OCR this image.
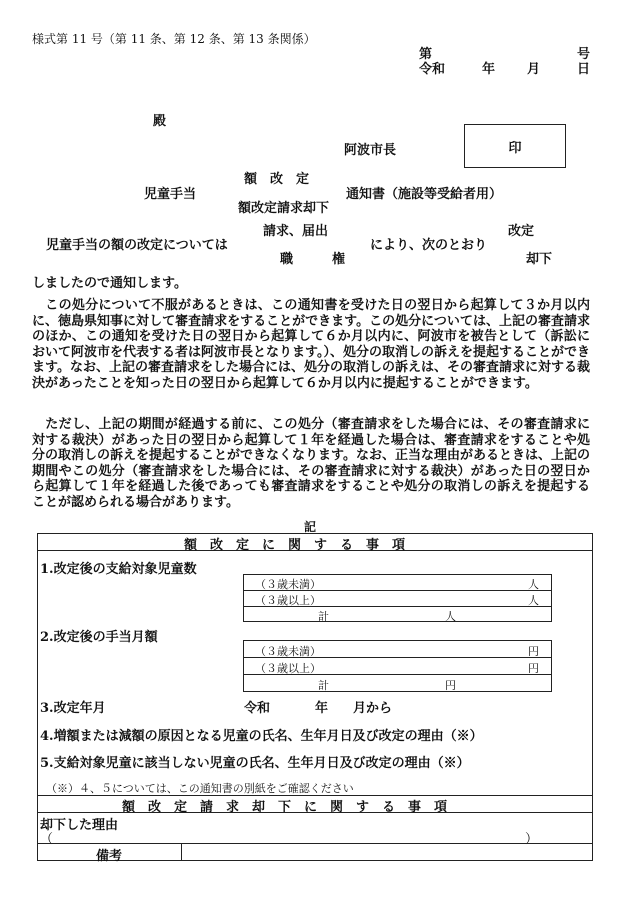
様式第 11 号（第 11 条、第 12 条、第 13 条関係）
第	号
令和	年 月	日
殿
阿波市長	印
額　改　定
児童手当	通知書（施設等受給者用）
額改定請求却下
請求、届出	改定
児童手当の額の改定については	により、次のとおり
職　　　権	却下
しましたので通知します。

この処分について不服があるときは、この通知書を受けた日の翌日から起算して３か月以内に、徳島県知事に対して審査請求をすることができます。この処分については、上記の審査請求のほか、この通知を受けた日の翌日から起算して６か月以内に、阿波市を被告として（訴訟において阿波市を代表する者は阿波市長となります。）、処分の取消しの訴えを提起することができます。なお、上記の審査請求をした場合には、処分の取消しの訴えは、その審査請求に対する裁決があったことを知った日の翌日から起算して６か月以内に提起することができます。

ただし、上記の期間が経過する前に、この処分（審査請求をした場合には、その審査請求に対する裁決）があった日の翌日から起算して１年を経過した場合は、審査請求をすることや処分の取消しの訴えを提起することができなくなります。なお、正当な理由があるときは、上記の期間やこの処分（審査請求をした場合には、その審査請求に対する裁決）があった日の翌日から起算して１年を経過した後であっても審査請求をすることや処分の取消しの訴えを提起することが認められる場合があります。

記
額改定に関する事項
1.改定後の支給対象児童数
（３歳未満）	人
（３歳以上）	人
計	人
2.改定後の手当月額
（３歳未満）	円
（３歳以上）	円
計	円
3.改定年月	令和	年 月から
4.増額または減額の原因となる児童の氏名、生年月日及び改定の理由（※）
5.支給対象児童に該当しない児童の氏名、生年月日及び改定の理由（※）
（※）４、５については、この通知書の別紙をご確認ください
額改定請求却下に関する事項
却下した理由
（	）
備考
